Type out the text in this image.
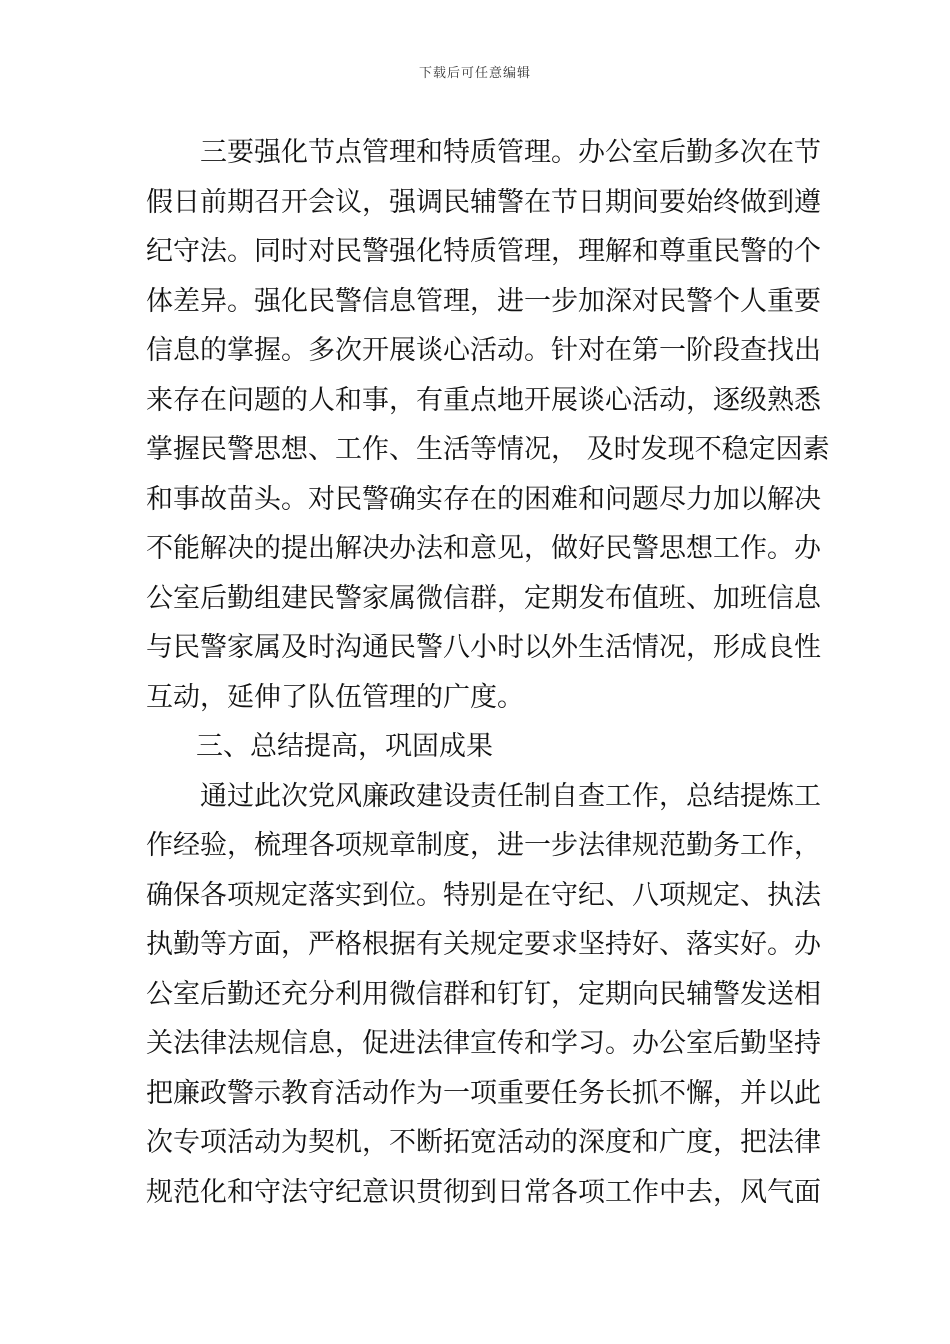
下载后可任意编辑
三要强化节点管理和特质管理。办公室后勤多次在节
假日前期召开会议，强调民辅警在节日期间要始终做到遵
纪守法。同时对民警强化特质管理，理解和尊重民警的个
体差异。强化民警信息管理，进一步加深对民警个人重要
信息的掌握。多次开展谈心活动。针对在第一阶段查找出
来存在问题的人和事，有重点地开展谈心活动，逐级熟悉
掌握民警思想、工作、生活等情况， 及时发现不稳定因素
和事故苗头。对民警确实存在的困难和问题尽力加以解决
不能解决的提出解决办法和意见，做好民警思想工作。办
公室后勤组建民警家属微信群，定期发布值班、加班信息
与民警家属及时沟通民警八小时以外生活情况，形成良性
互动，延伸了队伍管理的广度。
三、总结提高，巩固成果
通过此次党风廉政建设责任制自查工作，总结提炼工
作经验，梳理各项规章制度，进一步法律规范勤务工作，
确保各项规定落实到位。特别是在守纪、八项规定、执法
执勤等方面，严格根据有关规定要求坚持好、落实好。办
公室后勤还充分利用微信群和钉钉，定期向民辅警发送相
关法律法规信息，促进法律宣传和学习。办公室后勤坚持
把廉政警示教育活动作为一项重要任务长抓不懈，并以此
次专项活动为契机，不断拓宽活动的深度和广度，把法律
规范化和守法守纪意识贯彻到日常各项工作中去，风气面
